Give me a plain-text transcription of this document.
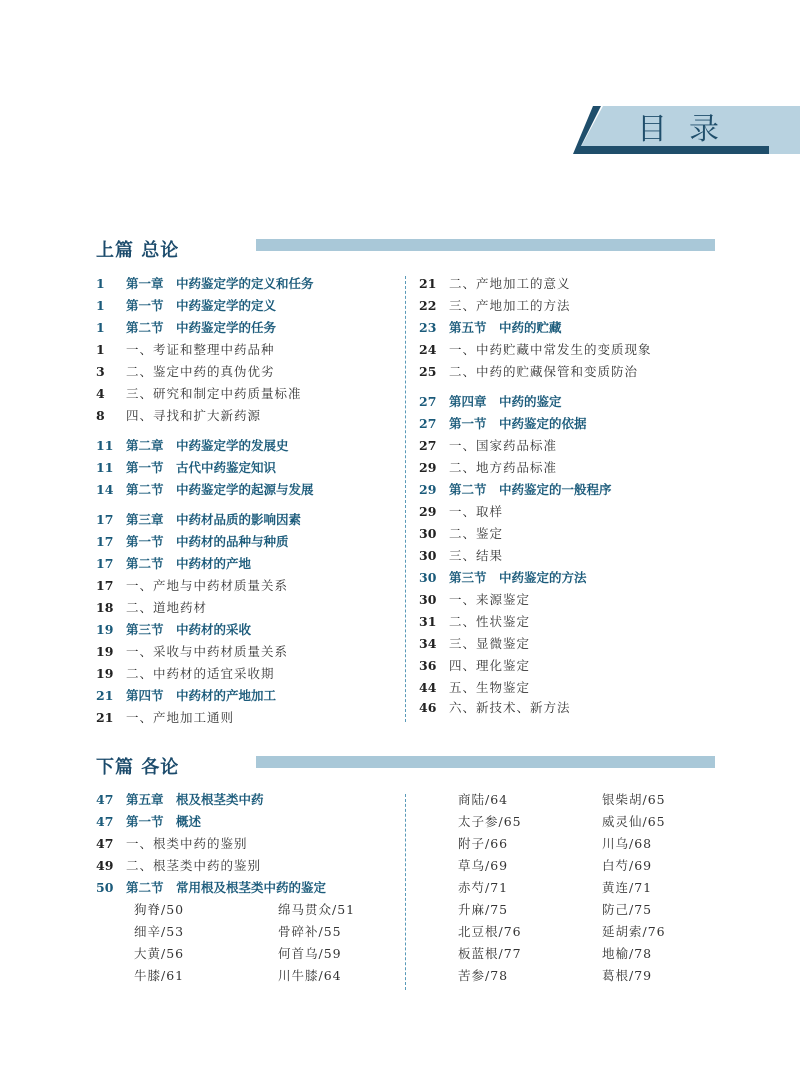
目录
上篇 总论
1	第一章　中药鉴定学的定义和任务
1	第一节　中药鉴定学的定义
1	第二节　中药鉴定学的任务
1	一、考证和整理中药品种
3	二、鉴定中药的真伪优劣
4	三、研究和制定中药质量标准
8	四、寻找和扩大新药源
11	第二章　中药鉴定学的发展史
11	第一节　古代中药鉴定知识
14	第二节　中药鉴定学的起源与发展
17	第三章　中药材品质的影响因素
17	第一节　中药材的品种与种质
17	第二节　中药材的产地
17	一、产地与中药材质量关系
18	二、道地药材
19	第三节　中药材的采收
19	一、采收与中药材质量关系
19	二、中药材的适宜采收期
21	第四节　中药材的产地加工
21	一、产地加工通则
21	二、产地加工的意义
22	三、产地加工的方法
23	第五节　中药的贮藏
24	一、中药贮藏中常发生的变质现象
25	二、中药的贮藏保管和变质防治
27	第四章　中药的鉴定
27	第一节　中药鉴定的依据
27	一、国家药品标准
29	二、地方药品标准
29	第二节　中药鉴定的一般程序
29	一、取样
30	二、鉴定
30	三、结果
30	第三节　中药鉴定的方法
30	一、来源鉴定
31	二、性状鉴定
34	三、显微鉴定
36	四、理化鉴定
44	五、生物鉴定
46	六、新技术、新方法
下篇 各论
47	第五章　根及根茎类中药
47	第一节　概述
47	一、根类中药的鉴别
49	二、根茎类中药的鉴别
50	第二节　常用根及根茎类中药的鉴定
狗脊/50	绵马贯众/51
细辛/53	骨碎补/55
大黄/56	何首乌/59
牛膝/61	川牛膝/64
商陆/64	银柴胡/65
太子参/65	威灵仙/65
附子/66	川乌/68
草乌/69	白芍/69
赤芍/71	黄连/71
升麻/75	防己/75
北豆根/76	延胡索/76
板蓝根/77	地榆/78
苦参/78	葛根/79
